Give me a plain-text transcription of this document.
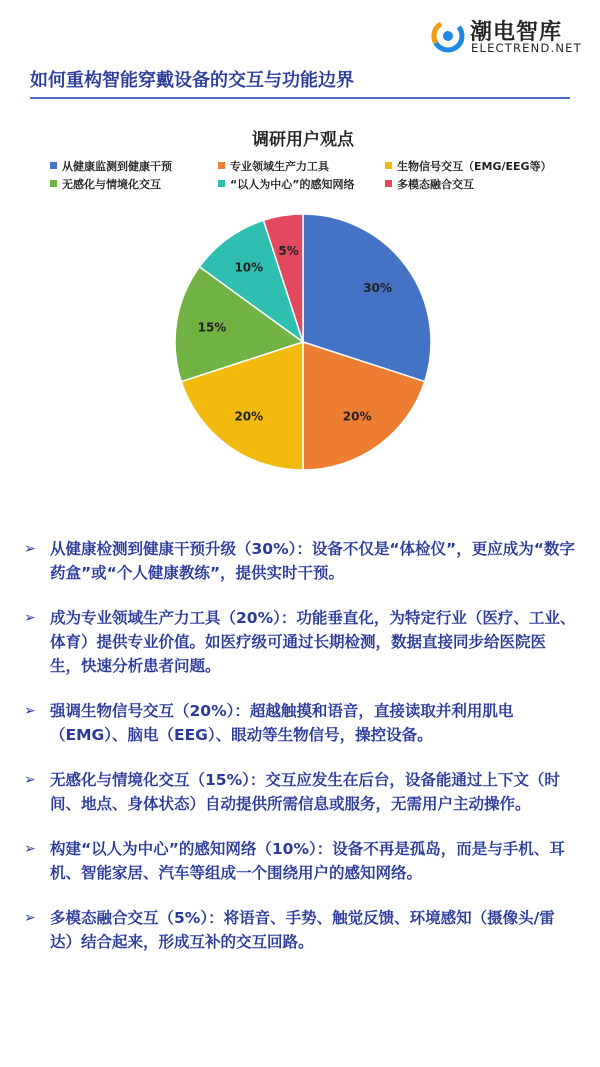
潮电智库
ELECTREND.NET
如何重构智能穿戴设备的交互与功能边界
调研用户观点
从健康监测到健康干预	专业领域生产力工具	生物信号交互（EMG/EEG等）
无感化与情境化交互	“以人为中心”的感知网络	多模态融合交互
30%
20%
20%
15%
10%
5%
➢ 从健康检测到健康干预升级（30%）：设备不仅是“体检仪”，更应成为“数字药盒”或“个人健康教练”，提供实时干预。
➢ 成为专业领域生产力工具（20%）：功能垂直化，为特定行业（医疗、工业、体育）提供专业价值。如医疗级可通过长期检测，数据直接同步给医院医生，快速分析患者问题。
➢ 强调生物信号交互（20%）：超越触摸和语音，直接读取并利用肌电（EMG）、脑电（EEG）、眼动等生物信号，操控设备。
➢ 无感化与情境化交互（15%）：交互应发生在后台，设备能通过上下文（时间、地点、身体状态）自动提供所需信息或服务，无需用户主动操作。
➢ 构建“以人为中心”的感知网络（10%）：设备不再是孤岛，而是与手机、耳机、智能家居、汽车等组成一个围绕用户的感知网络。
➢ 多模态融合交互（5%）：将语音、手势、触觉反馈、环境感知（摄像头/雷达）结合起来，形成互补的交互回路。
